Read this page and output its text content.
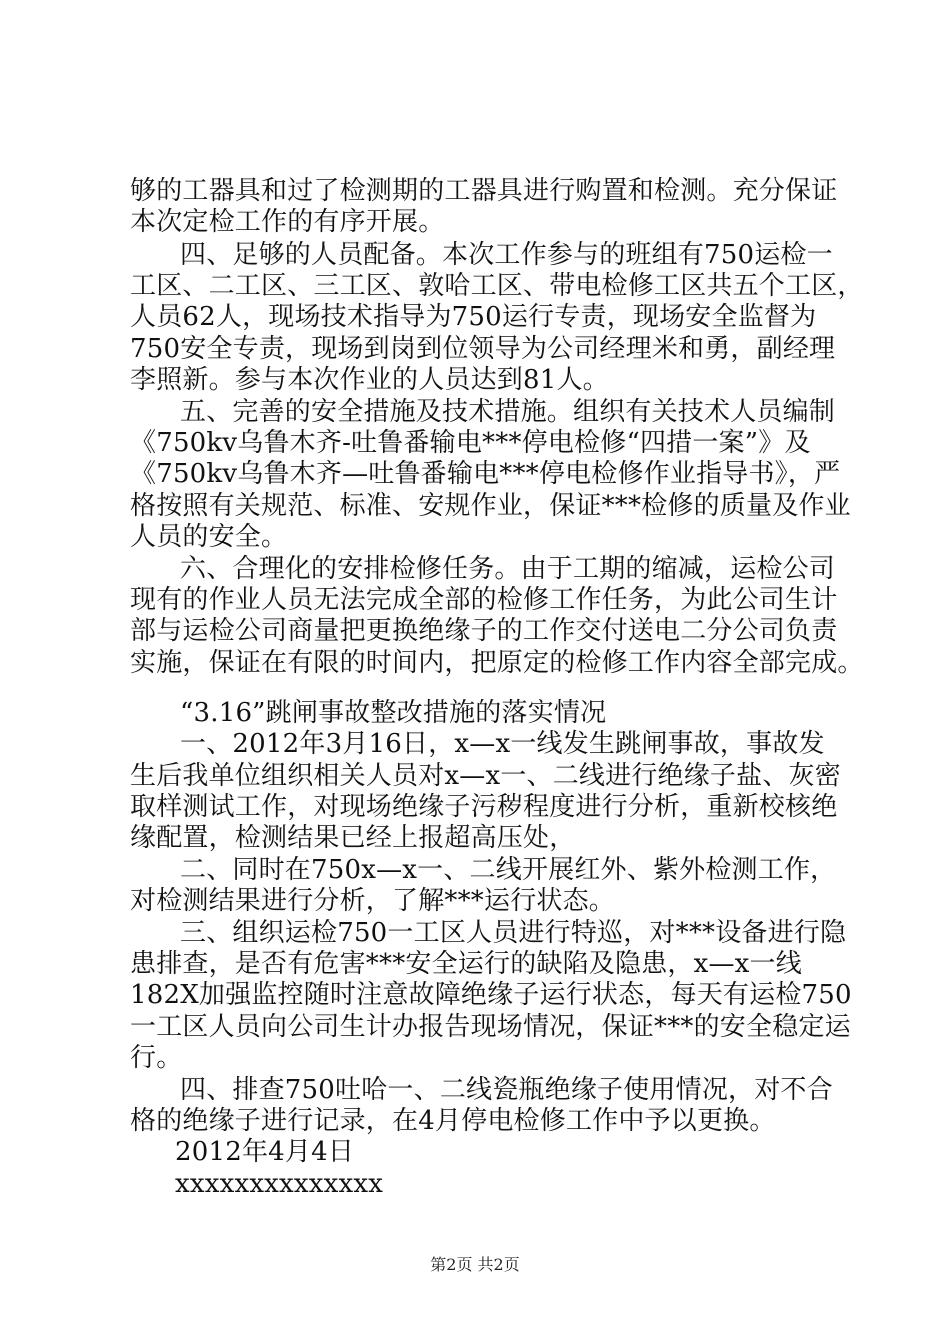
够的工器具和过了检测期的工器具进行购置和检测。充分保证
本次定检工作的有序开展。
四、足够的人员配备。本次工作参与的班组有750运检一
工区、二工区、三工区、敦哈工区、带电检修工区共五个工区，
人员62人，现场技术指导为750运行专责，现场安全监督为
750安全专责，现场到岗到位领导为公司经理米和勇，副经理
李照新。参与本次作业的人员达到81人。
五、完善的安全措施及技术措施。组织有关技术人员编制
《750kv乌鲁木齐-吐鲁番输电***停电检修“四措一案”》及
《750kv乌鲁木齐—吐鲁番输电***停电检修作业指导书》，严
格按照有关规范、标准、安规作业，保证***检修的质量及作业
人员的安全。
六、合理化的安排检修任务。由于工期的缩减，运检公司
现有的作业人员无法完成全部的检修工作任务，为此公司生计
部与运检公司商量把更换绝缘子的工作交付送电二分公司负责
实施，保证在有限的时间内，把原定的检修工作内容全部完成。
“3.16”跳闸事故整改措施的落实情况
一、2012年3月16日，x—x一线发生跳闸事故，事故发
生后我单位组织相关人员对x—x一、二线进行绝缘子盐、灰密
取样测试工作，对现场绝缘子污秽程度进行分析，重新校核绝
缘配置，检测结果已经上报超高压处，
二、同时在750x—x一、二线开展红外、紫外检测工作，
对检测结果进行分析，了解***运行状态。
三、组织运检750一工区人员进行特巡，对***设备进行隐
患排查，是否有危害***安全运行的缺陷及隐患，x—x一线
182X加强监控随时注意故障绝缘子运行状态，每天有运检750
一工区人员向公司生计办报告现场情况，保证***的安全稳定运
行。
四、排查750吐哈一、二线瓷瓶绝缘子使用情况，对不合
格的绝缘子进行记录，在4月停电检修工作中予以更换。
2012年4月4日
xxxxxxxxxxxxxx
第2页 共2页
